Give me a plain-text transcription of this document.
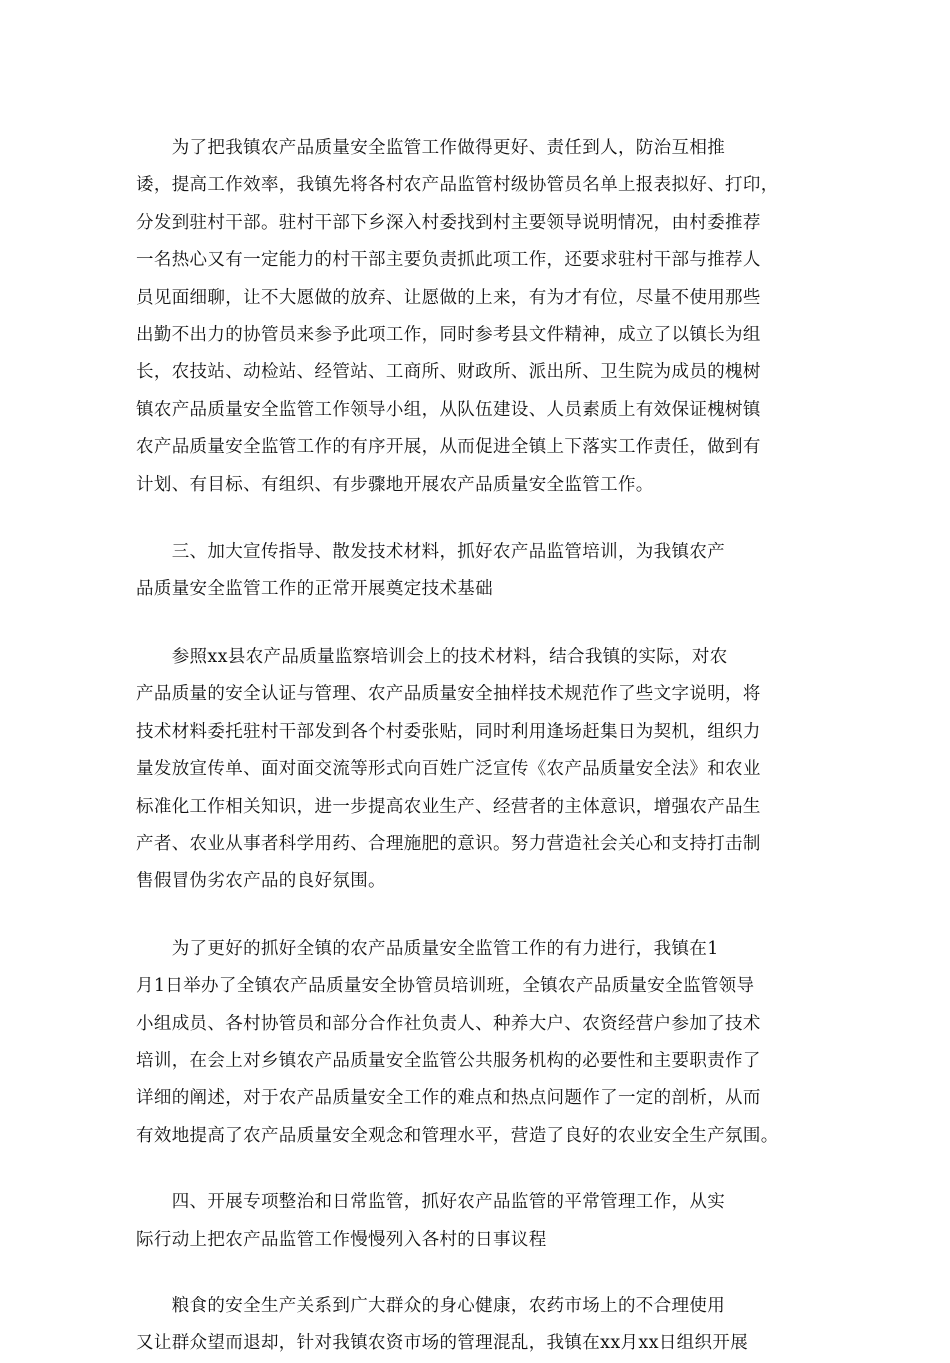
　　为了把我镇农产品质量安全监管工作做得更好、责任到人，防治互相推
诿，提高工作效率，我镇先将各村农产品监管村级协管员名单上报表拟好、打印，
分发到驻村干部。驻村干部下乡深入村委找到村主要领导说明情况，由村委推荐
一名热心又有一定能力的村干部主要负责抓此项工作，还要求驻村干部与推荐人
员见面细聊，让不大愿做的放弃、让愿做的上来，有为才有位，尽量不使用那些
出勤不出力的协管员来参予此项工作，同时参考县文件精神，成立了以镇长为组
长，农技站、动检站、经管站、工商所、财政所、派出所、卫生院为成员的槐树
镇农产品质量安全监管工作领导小组，从队伍建设、人员素质上有效保证槐树镇
农产品质量安全监管工作的有序开展，从而促进全镇上下落实工作责任，做到有
计划、有目标、有组织、有步骤地开展农产品质量安全监管工作。

　　三、加大宣传指导、散发技术材料，抓好农产品监管培训，为我镇农产
品质量安全监管工作的正常开展奠定技术基础

　　参照xx县农产品质量监察培训会上的技术材料，结合我镇的实际，对农
产品质量的安全认证与管理、农产品质量安全抽样技术规范作了些文字说明，将
技术材料委托驻村干部发到各个村委张贴，同时利用逢场赶集日为契机，组织力
量发放宣传单、面对面交流等形式向百姓广泛宣传《农产品质量安全法》和农业
标准化工作相关知识，进一步提高农业生产、经营者的主体意识，增强农产品生
产者、农业从事者科学用药、合理施肥的意识。努力营造社会关心和支持打击制
售假冒伪劣农产品的良好氛围。

　　为了更好的抓好全镇的农产品质量安全监管工作的有力进行，我镇在1
月1日举办了全镇农产品质量安全协管员培训班，全镇农产品质量安全监管领导
小组成员、各村协管员和部分合作社负责人、种养大户、农资经营户参加了技术
培训，在会上对乡镇农产品质量安全监管公共服务机构的必要性和主要职责作了
详细的阐述，对于农产品质量安全工作的难点和热点问题作了一定的剖析，从而
有效地提高了农产品质量安全观念和管理水平，营造了良好的农业安全生产氛围。

　　四、开展专项整治和日常监管，抓好农产品监管的平常管理工作，从实
际行动上把农产品监管工作慢慢列入各村的日事议程

　　粮食的安全生产关系到广大群众的身心健康，农药市场上的不合理使用
又让群众望而退却，针对我镇农资市场的管理混乱，我镇在xx月xx日组织开展
